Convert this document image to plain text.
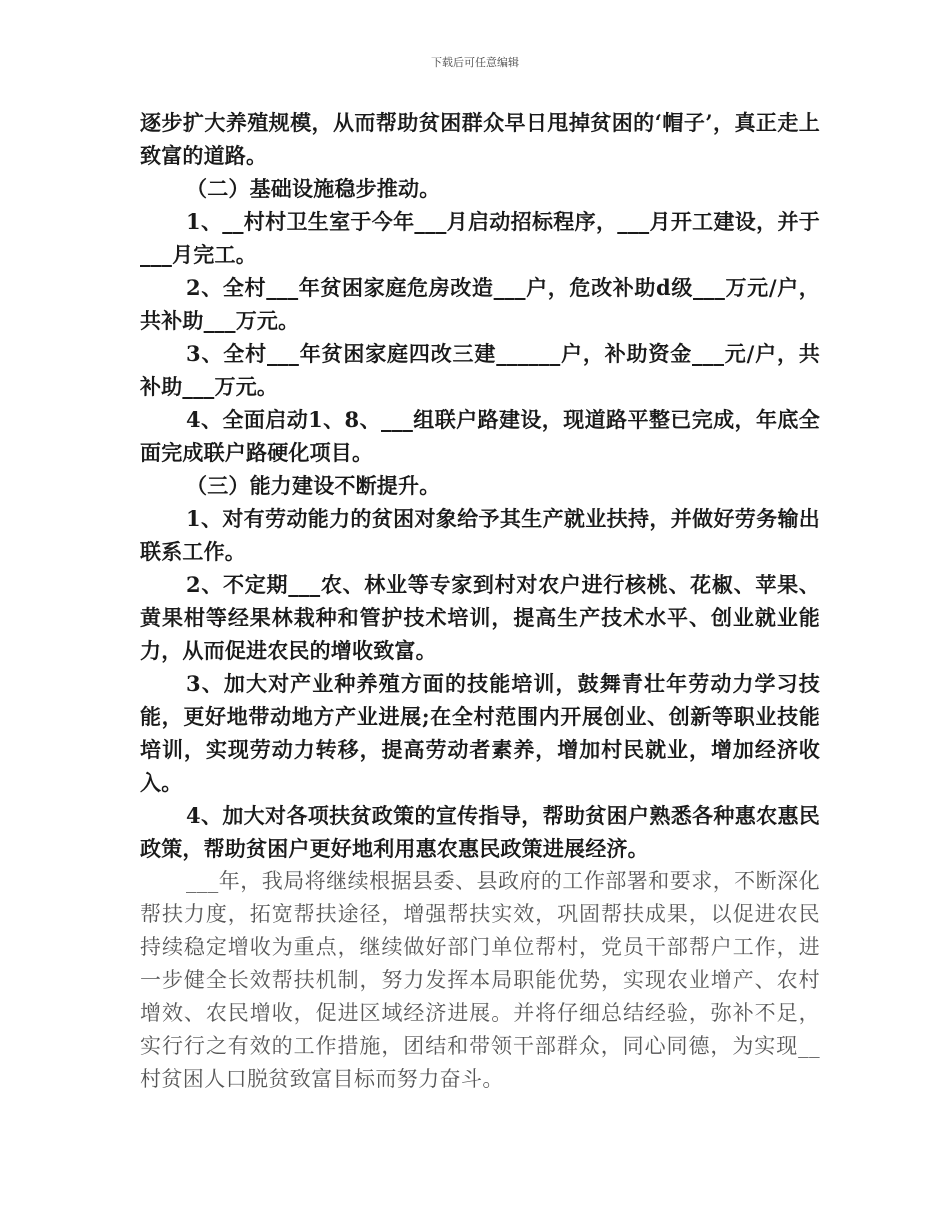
下载后可任意编辑

逐步扩大养殖规模，从而帮助贫困群众早日甩掉贫困的‘帽子’，真正走上致富的道路。

（二）基础设施稳步推动。

1、__村村卫生室于今年___月启动招标程序，___月开工建设，并于___月完工。

2、全村___年贫困家庭危房改造___户，危改补助d级___万元/户，共补助___万元。

3、全村___年贫困家庭四改三建______户，补助资金___元/户，共补助___万元。

4、全面启动1、8、___组联户路建设，现道路平整已完成，年底全面完成联户路硬化项目。

（三）能力建设不断提升。

1、对有劳动能力的贫困对象给予其生产就业扶持，并做好劳务输出联系工作。

2、不定期___农、林业等专家到村对农户进行核桃、花椒、苹果、黄果柑等经果林栽种和管护技术培训，提高生产技术水平、创业就业能力，从而促进农民的增收致富。

3、加大对产业种养殖方面的技能培训，鼓舞青壮年劳动力学习技能，更好地带动地方产业进展;在全村范围内开展创业、创新等职业技能培训，实现劳动力转移，提高劳动者素养，增加村民就业，增加经济收入。

4、加大对各项扶贫政策的宣传指导，帮助贫困户熟悉各种惠农惠民政策，帮助贫困户更好地利用惠农惠民政策进展经济。

___年，我局将继续根据县委、县政府的工作部署和要求，不断深化帮扶力度，拓宽帮扶途径，增强帮扶实效，巩固帮扶成果，以促进农民持续稳定增收为重点，继续做好部门单位帮村，党员干部帮户工作，进一步健全长效帮扶机制，努力发挥本局职能优势，实现农业增产、农村增效、农民增收，促进区域经济进展。并将仔细总结经验，弥补不足，实行行之有效的工作措施，团结和带领干部群众，同心同德，为实现__村贫困人口脱贫致富目标而努力奋斗。
